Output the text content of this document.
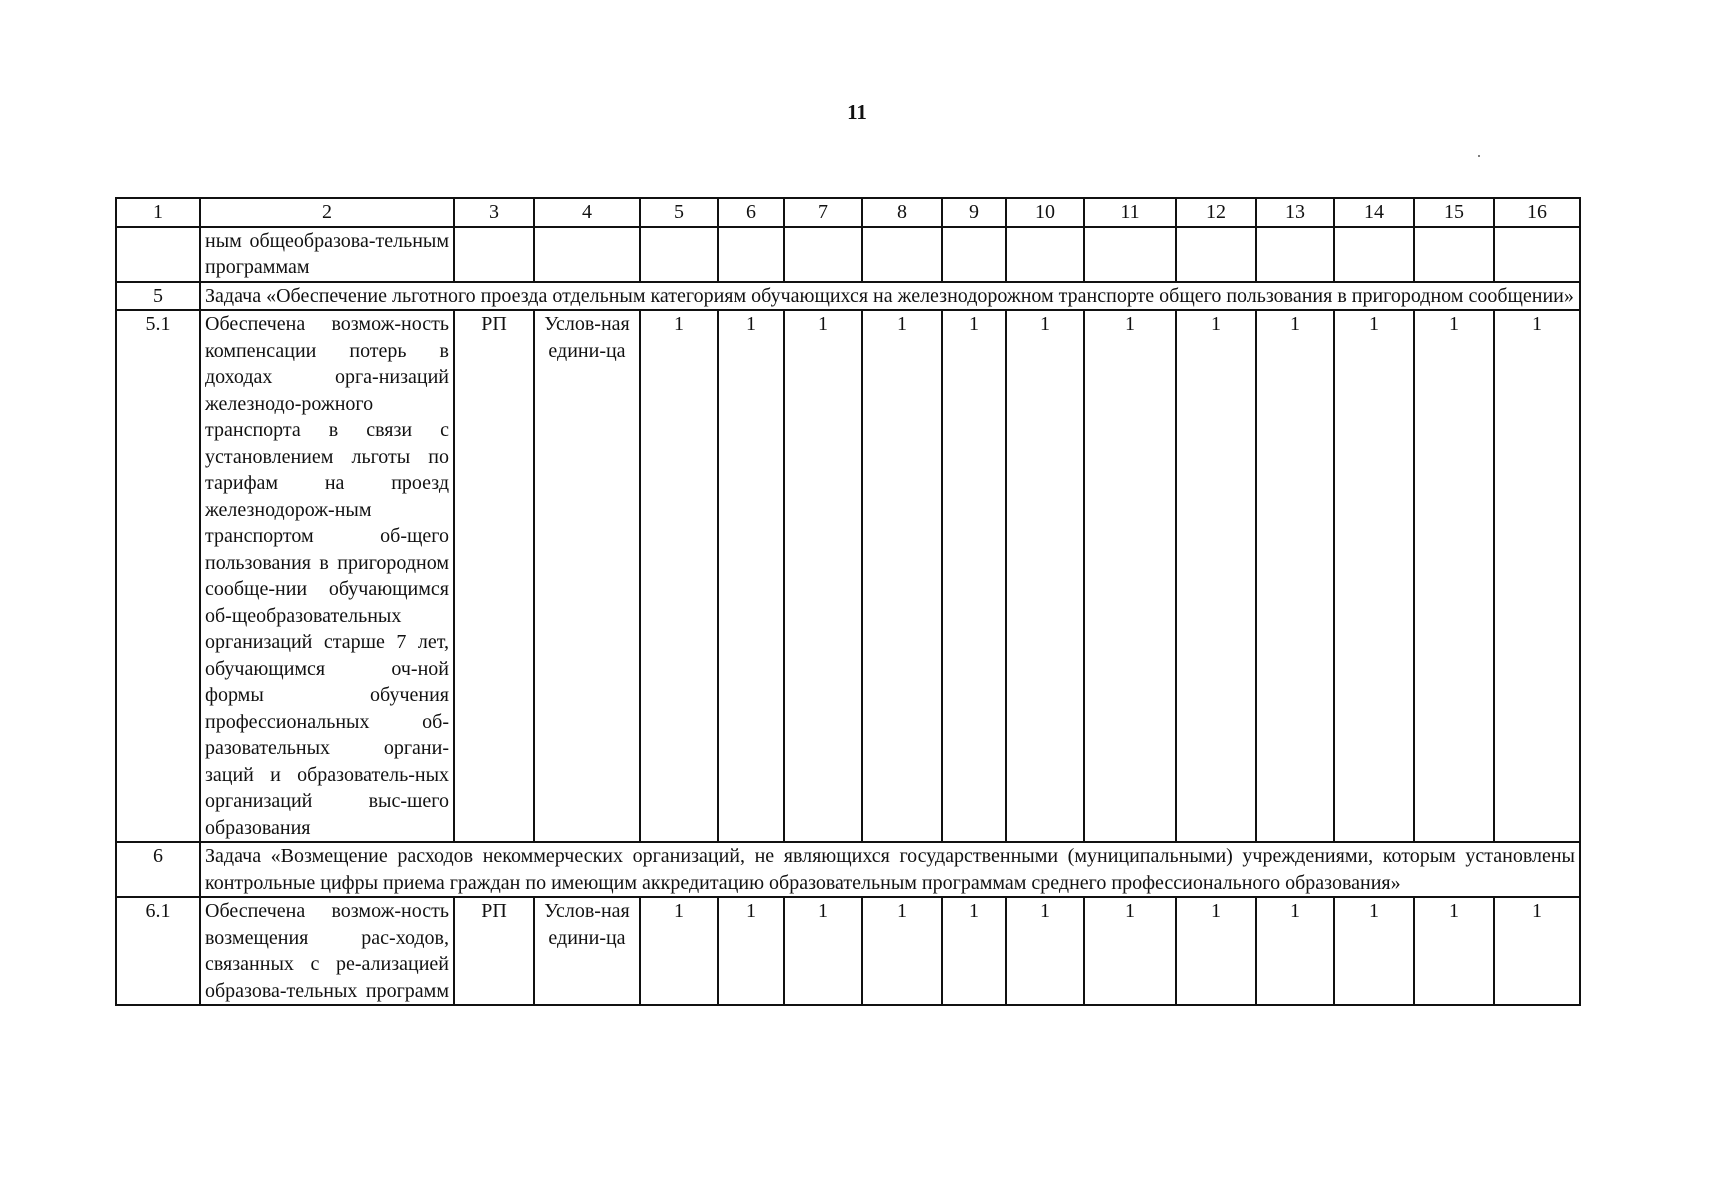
11
1	2	3	4	5	6	7	8	9	10	11	12	13	14	15	16
	ным общеобразова-тельным программам														
5	Задача «Обеспечение льготного проезда отдельным категориям обучающихся на железнодорожном транспорте общего пользования в пригородном сообщении»														
5.1	Обеспечена возмож-ность компенсации потерь в доходах орга-низаций железнодо-рожного транспорта в связи с установлением льготы по тарифам на проезд железнодорож-ным транспортом об-щего пользования в пригородном сообще-нии обучающимся об-щеобразовательных организаций старше 7 лет, обучающимся оч-ной формы обучения профессиональных об-разовательных органи-заций и образователь-ных организаций выс-шего образования	РП	Услов-ная едини-ца	1	1	1	1	1	1	1	1	1	1	1	1
6	Задача «Возмещение расходов некоммерческих организаций, не являющихся государственными (муниципальными) учреждениями, которым установлены контрольные цифры приема граждан по имеющим аккредитацию образовательным программам среднего профессионального образования»														
6.1	Обеспечена возмож-ность возмещения рас-ходов, связанных с ре-ализацией образова-тельных программ	РП	Услов-ная едини-ца	1	1	1	1	1	1	1	1	1	1	1	1
